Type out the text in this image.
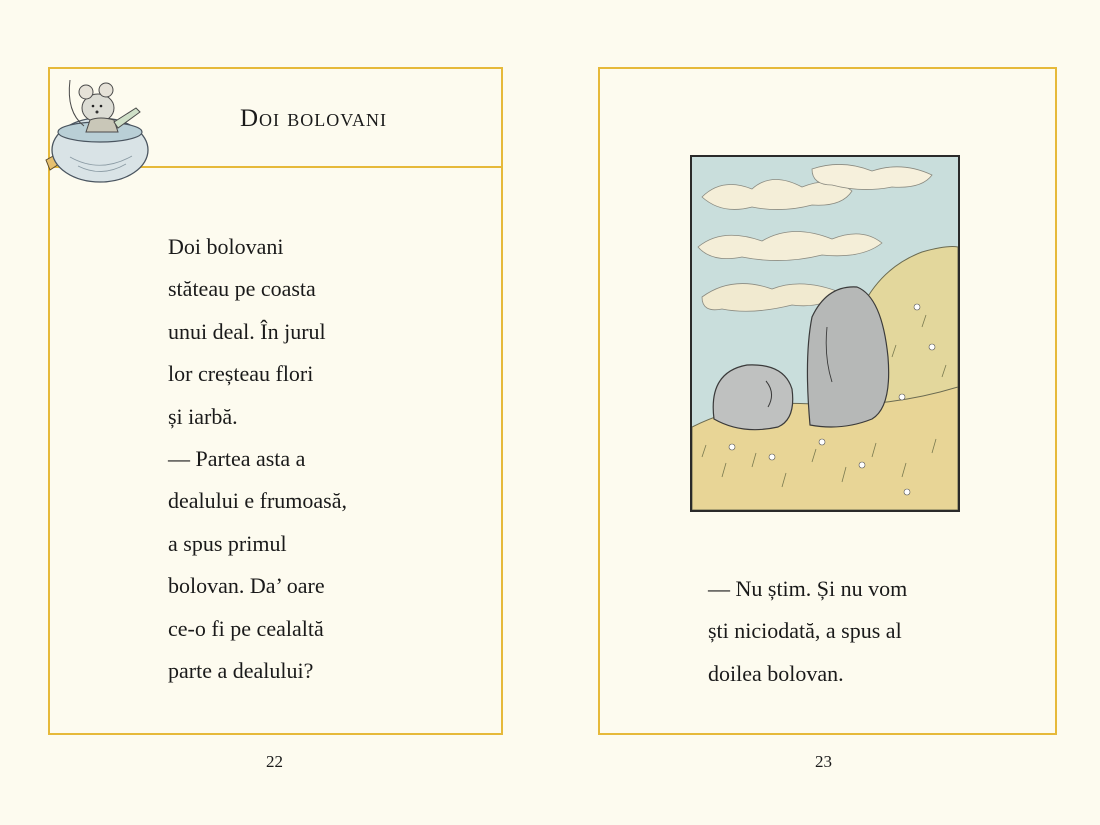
Doi bolovani
Doi bolovani
stăteau pe coasta
unui deal. În jurul
lor creșteau flori
și iarbă.
— Partea asta a
dealului e frumoasă,
a spus primul
bolovan. Da’ oare
ce-o fi pe cealaltă
parte a dealului?
22
— Nu știm. Și nu vom
ști niciodată, a spus al
doilea bolovan.
23
